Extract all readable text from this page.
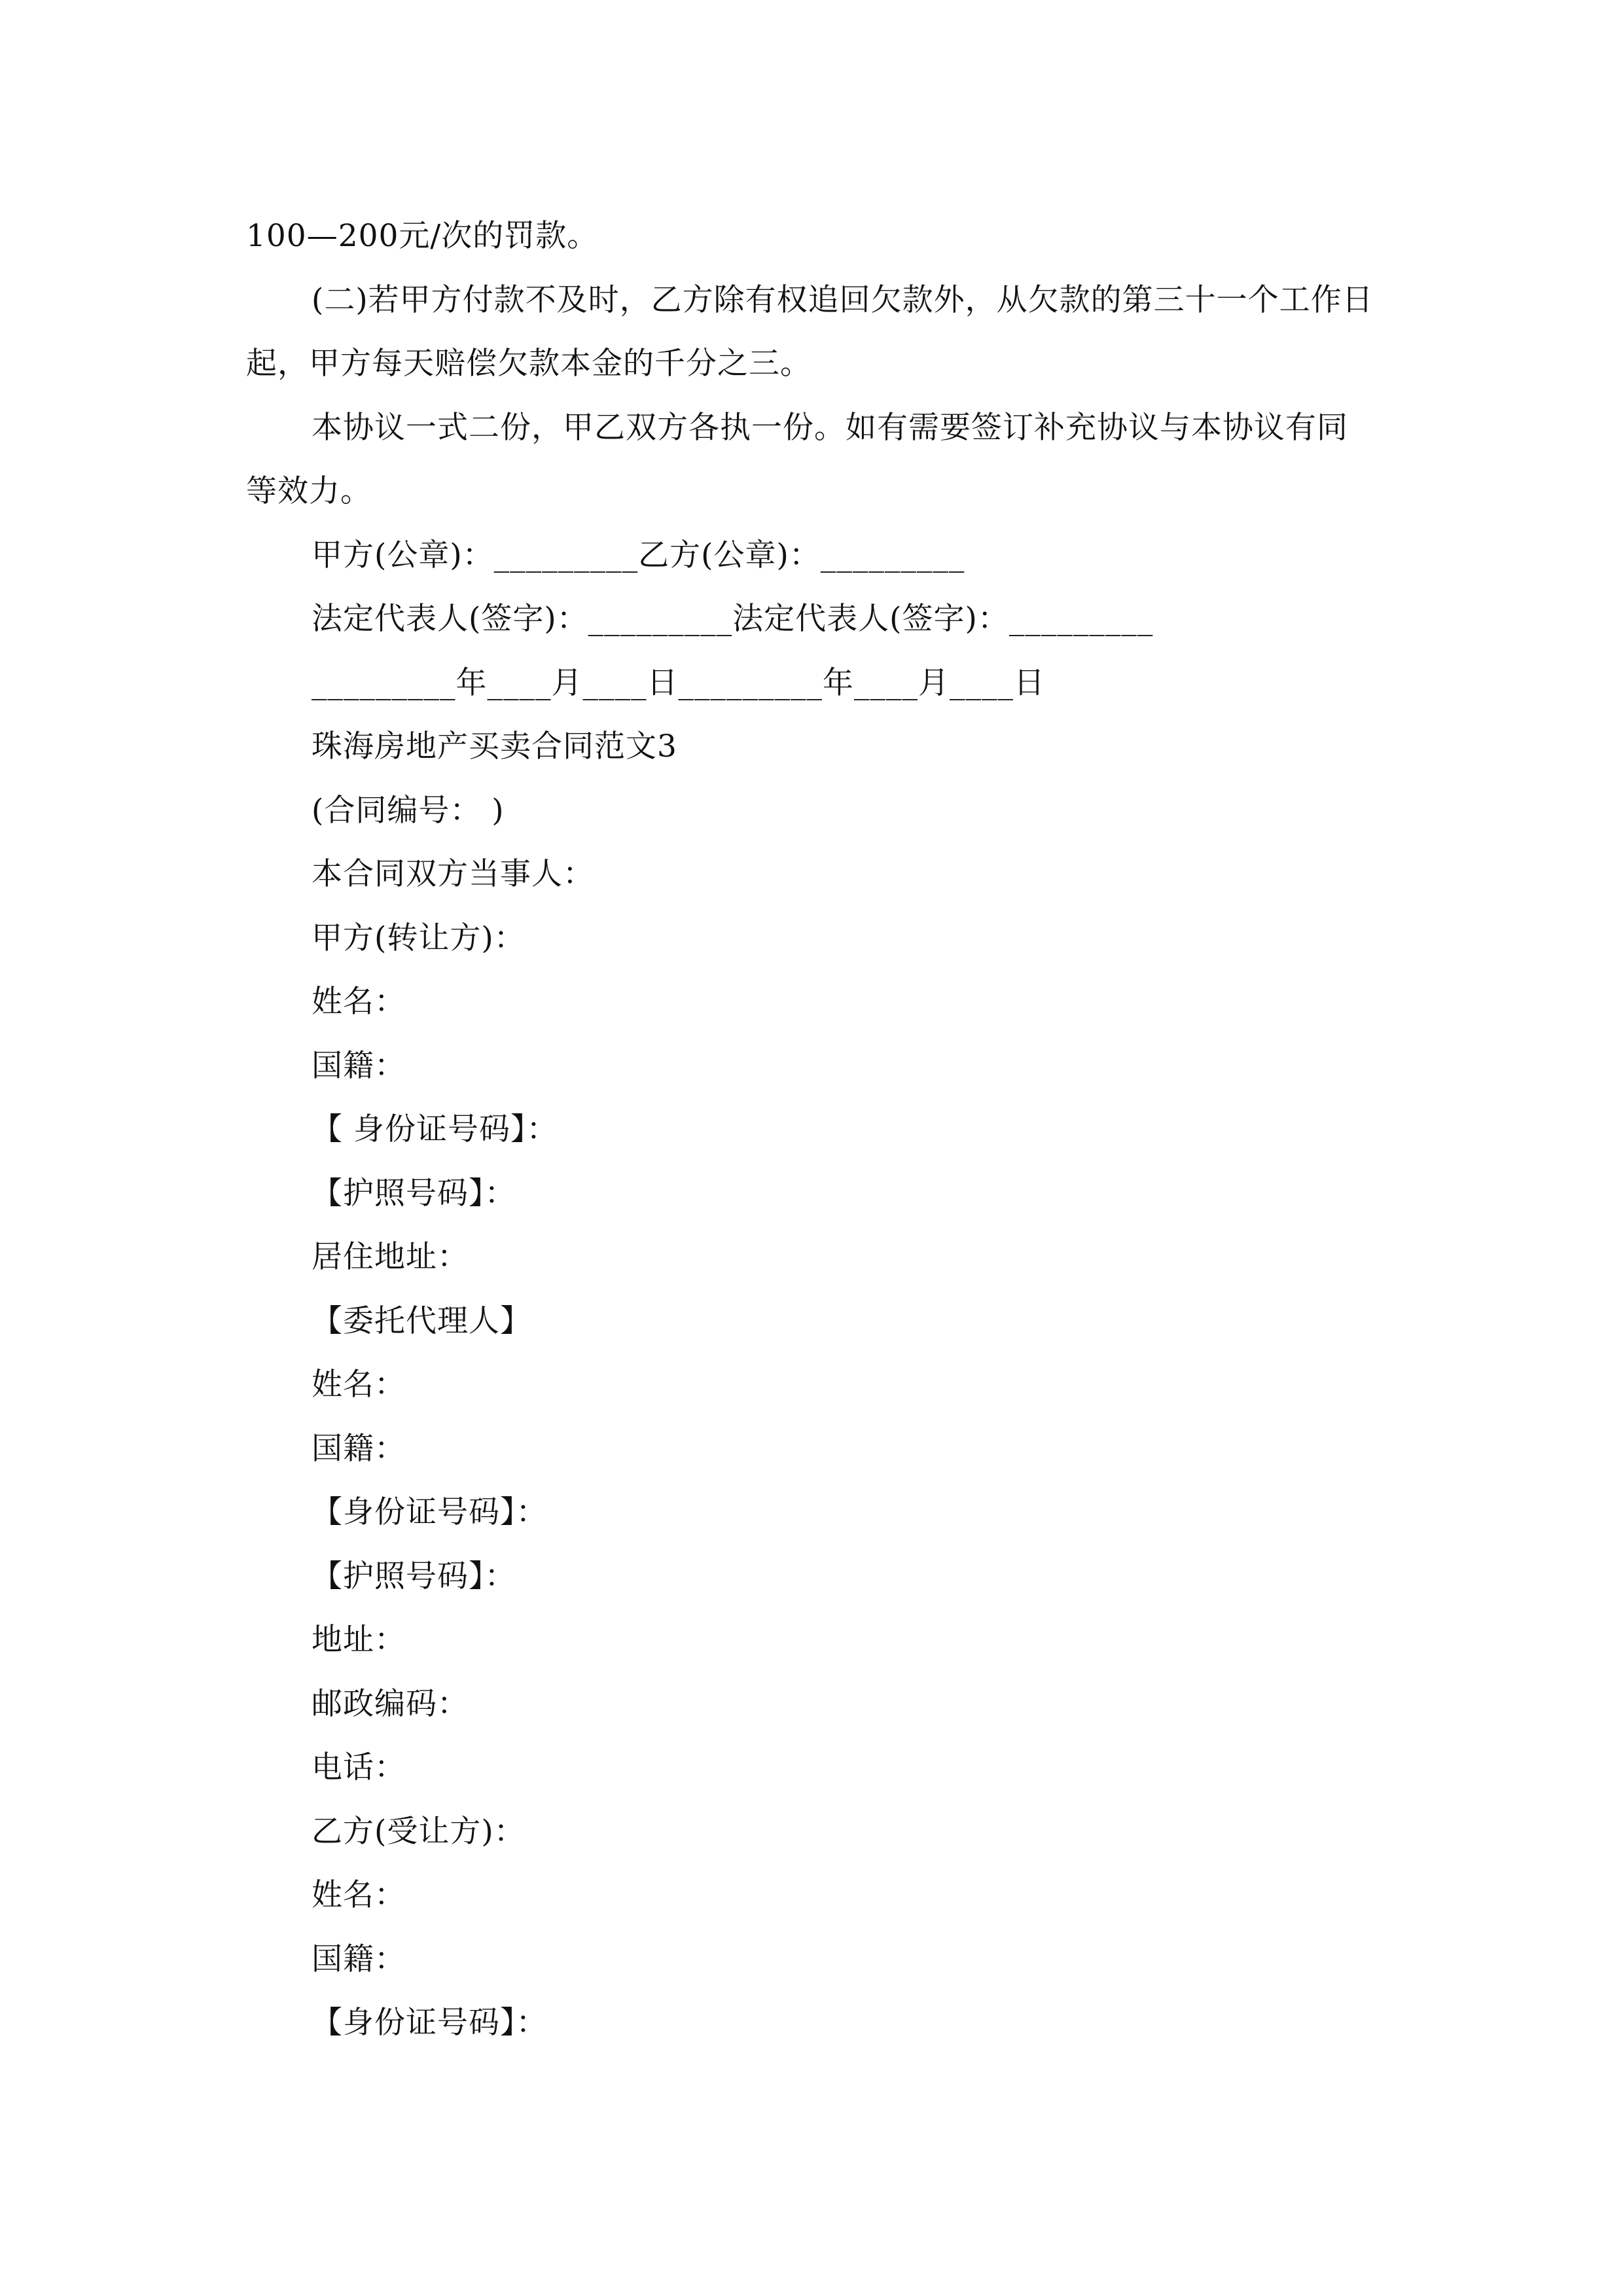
100—200元/次的罚款。
(二)若甲方付款不及时，乙方除有权追回欠款外，从欠款的第三十一个工作日起，甲方每天赔偿欠款本金的千分之三。
本协议一式二份，甲乙双方各执一份。如有需要签订补充协议与本协议有同等效力。
甲方(公章)：_________乙方(公章)：_________
法定代表人(签字)：_________法定代表人(签字)：_________
_________年____月____日_________年____月____日
珠海房地产买卖合同范文3
(合同编号： )
本合同双方当事人：
甲方(转让方)：
姓名：
国籍：
【 身份证号码】：
【护照号码】：
居住地址：
【委托代理人】
姓名：
国籍：
【身份证号码】：
【护照号码】：
地址：
邮政编码：
电话：
乙方(受让方)：
姓名：
国籍：
【身份证号码】：
